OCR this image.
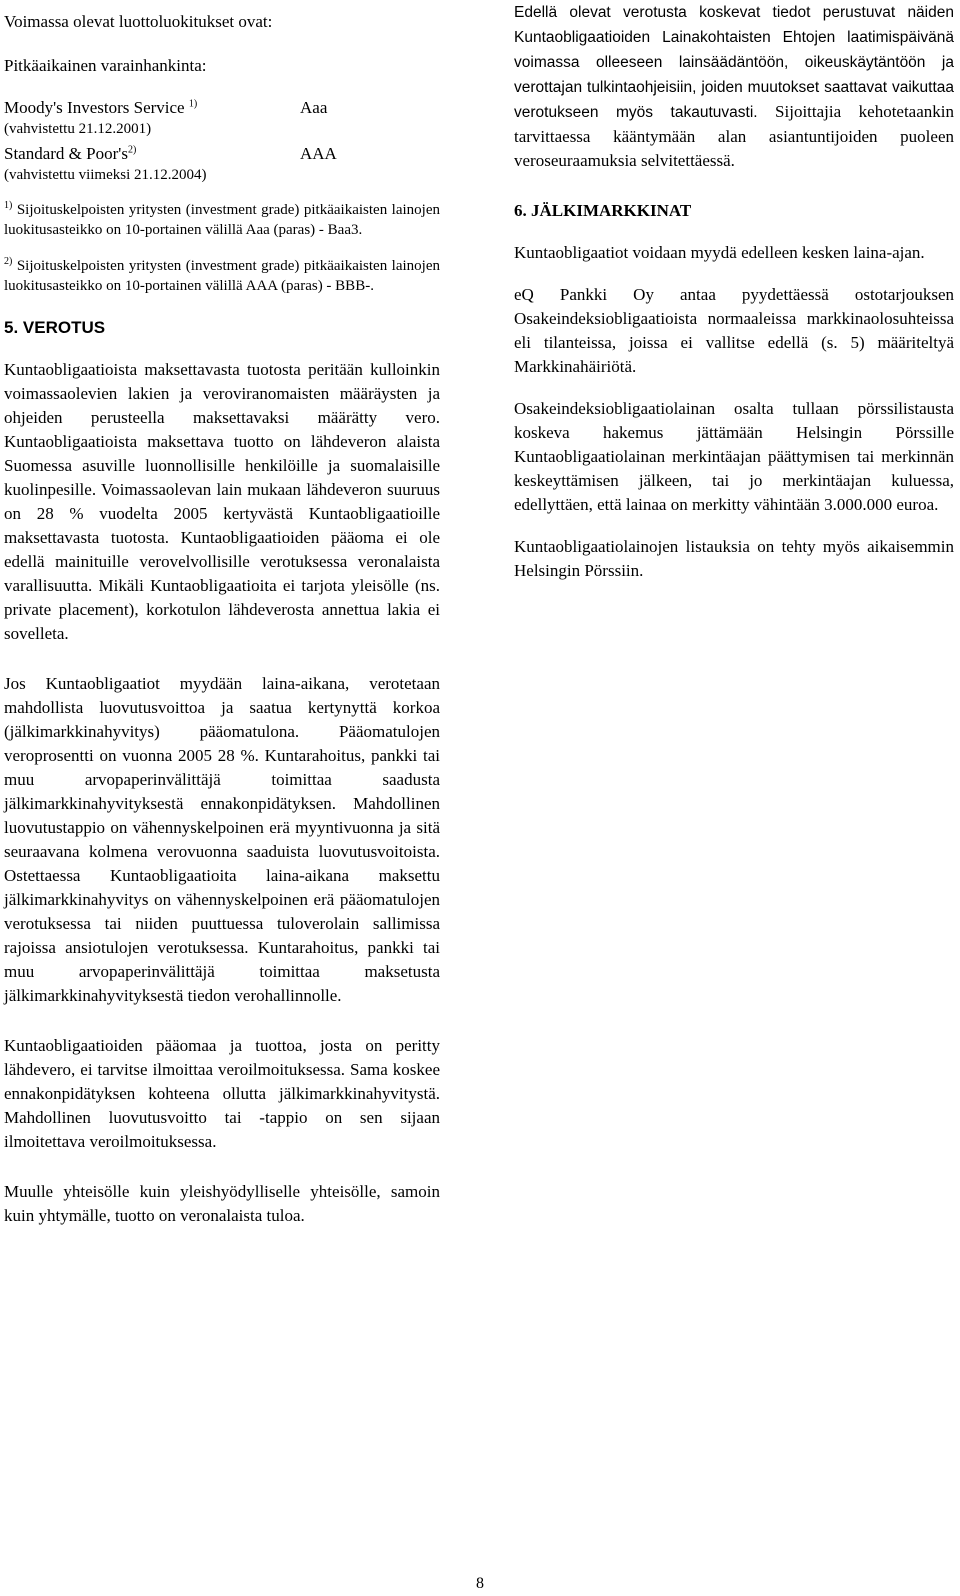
Voimassa olevat luottoluokitukset ovat:

Pitkäaikainen varainhankinta:

Moody's Investors Service $^{1)}$	Aaa

(vahvistettu 21.12.2001)

Standard & $Poor's^{2)}$	AAA

(vahvistettu viimeksi 21.12.2004)

$^{1)}$ Sijoituskelpoisten yritysten (investment grade) pitkäaikaisten lainojen luokitusasteikko on 10-portainen välillä Aaa (paras) - Baa3.

$^{2)}$ Sijoituskelpoisten yritysten (investment grade) pitkäaikaisten lainojen luokitusasteikko on 10-portainen välillä AAA (paras) - BBB-.

5. VEROTUS

Kuntaobligaatioista maksettavasta tuotosta peritään kulloinkin voimassaolevien lakien ja veroviranomaisten määräysten ja ohjeiden perusteella maksettavaksi määrätty vero. Kuntaobligaatioista maksettava tuotto on lähdeveron alaista Suomessa asuville luonnollisille henkilöille ja suomalaisille kuolinpesille. Voimassaolevan lain mukaan lähdeveron suuruus on 28 % vuodelta 2005 kertyvästä Kuntaobligaatioille maksettavasta tuotosta. Kuntaobligaatioiden pääoma ei ole edellä mainituille verovelvollisille verotuksessa veronalaista varallisuutta. Mikäli Kuntaobligaatioita ei tarjota yleisölle (ns. private placement), korkotulon lähdeverosta annettua lakia ei sovelleta.

Jos Kuntaobligaatiot myydään laina-aikana, verotetaan mahdollista luovutusvoittoa ja saatua kertynyttä korkoa (jälkimarkkinahyvitys) pääomatulona. Pääomatulojen veroprosentti on vuonna 2005 28 %. Kuntarahoitus, pankki tai muu arvopaperinvälittäjä toimittaa saadusta jälkimarkkinahyvityksestä ennakonpidätyksen. Mahdollinen luovutustappio on vähennyskelpoinen erä myyntivuonna ja sitä seuraavana kolmena verovuonna saaduista luovutusvoitoista. Ostettaessa Kuntaobligaatioita laina-aikana maksettu jälkimarkkinahyvitys on vähennyskelpoinen erä pääomatulojen verotuksessa tai niiden puuttuessa tuloverolain sallimissa rajoissa ansiotulojen verotuksessa. Kuntarahoitus, pankki tai muu arvopaperinvälittäjä toimittaa maksetusta jälkimarkkinahyvityksestä tiedon verohallinnolle.

Kuntaobligaatioiden pääomaa ja tuottoa, josta on peritty lähdevero, ei tarvitse ilmoittaa veroilmoituksessa. Sama koskee ennakonpidätyksen kohteena ollutta jälkimarkkinahyvitystä. Mahdollinen luovutusvoitto tai -tappio on sen sijaan ilmoitettava veroilmoituksessa.

Muulle yhteisölle kuin yleishyödylliselle yhteisölle, samoin kuin yhtymälle, tuotto on veronalaista tuloa.

Edellä olevat verotusta koskevat tiedot perustuvat näiden Kuntaobligaatioiden Lainakohtaisten Ehtojen laatimispäivänä voimassa olleeseen lainsäädäntöön, oikeuskäytäntöön ja verottajan tulkintaohjeisiin, joiden muutokset saattavat vaikuttaa verotukseen myös takautuvasti. Sijoittajia kehotetaankin tarvittaessa kääntymään alan asiantuntijoiden puoleen veroseuraamuksia selvitettäessä.

6. JÄLKIMARKKINAT

Kuntaobligaatiot voidaan myydä edelleen kesken laina-ajan.

eQ Pankki Oy antaa pyydettäessä ostotarjouksen Osakeindeksiobligaatioista normaaleissa markkinaolosuhteissa eli tilanteissa, joissa ei vallitse edellä (s. 5) määriteltyä Markkinahäiriötä.

Osakeindeksiobligaatiolainan osalta tullaan pörssilistausta koskeva hakemus jättämään Helsingin Pörssille Kuntaobligaatiolainan merkintäajan päättymisen tai merkinnän keskeyttämisen jälkeen, tai jo merkintäajan kuluessa, edellyttäen, että lainaa on merkitty vähintään 3.000.000 euroa.

Kuntaobligaatiolainojen listauksia on tehty myös aikaisemmin Helsingin Pörssiin.

8
